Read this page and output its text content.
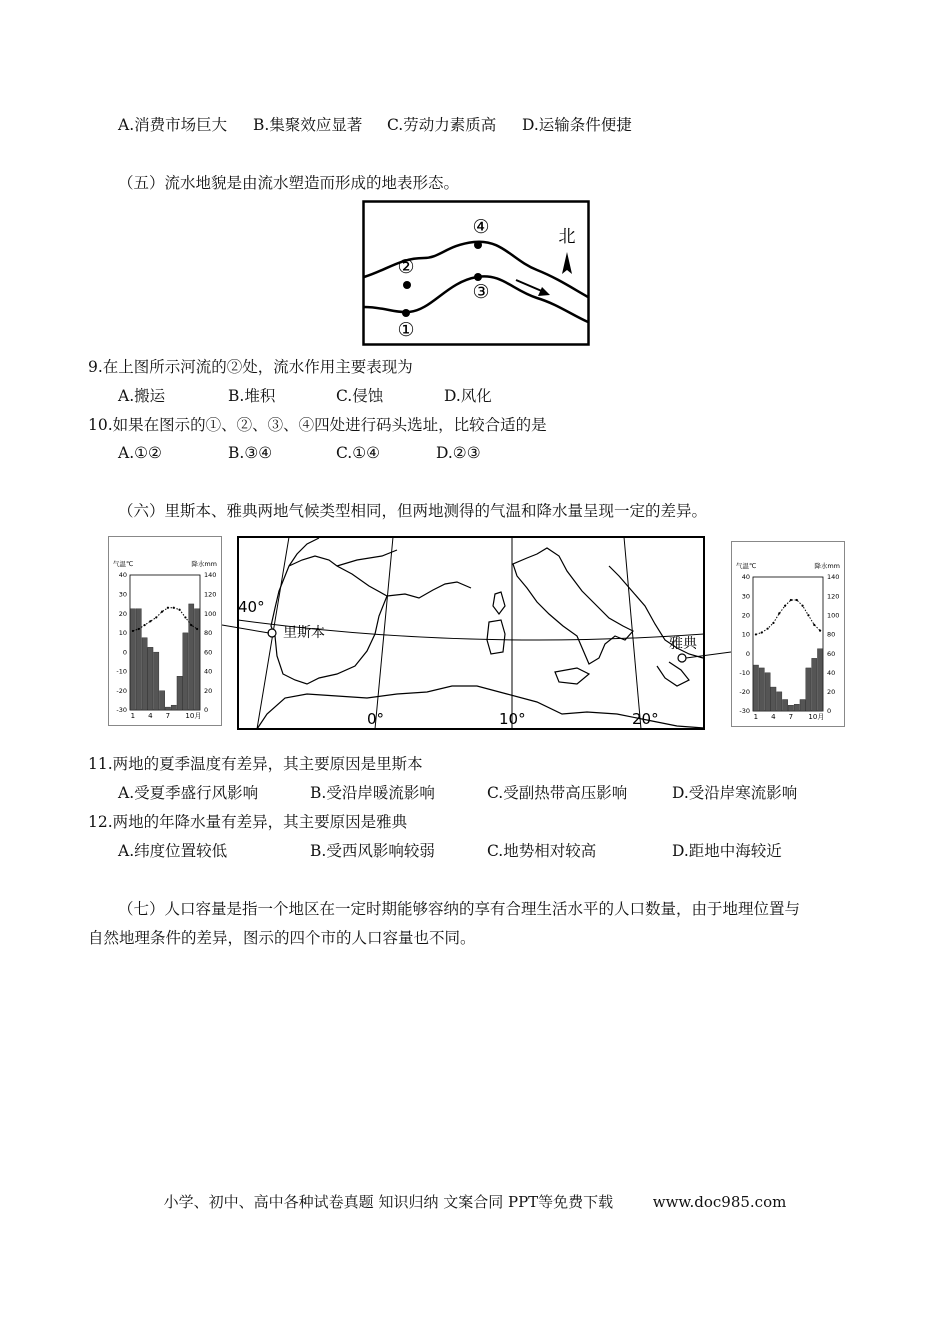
A.消费市场巨大 B.集聚效应显著 C.劳动力素质高 D.运输条件便捷
（五）流水地貌是由流水塑造而形成的地表形态。
①
②
③
④	北
9.在上图所示河流的②处，流水作用主要表现为
A.搬运	B.堆积	C.侵蚀	D.风化
10.如果在图示的①、②、③、④四处进行码头选址，比较合适的是
A.①②	B.③④	C.①④	D.②③
（六）里斯本、雅典两地气候类型相同，但两地测得的气温和降水量呈现一定的差异。
气温℃	降水mm
40
30
20
10
0
-10
-20
-30
140
120
100
80
60
40
20
0
1 4 7 10月
40°
0°	10°	20°
里斯本
雅典
气温℃	降水mm
40
30
20
10
0
-10
-20
-30
140
120
100
80
60
40
20
0
1 4 7 10月
11.两地的夏季温度有差异，其主要原因是里斯本
A.受夏季盛行风影响	B.受沿岸暖流影响	C.受副热带高压影响	D.受沿岸寒流影响
12.两地的年降水量有差异，其主要原因是雅典
A.纬度位置较低	B.受西风影响较弱	C.地势相对较高	D.距地中海较近
（七）人口容量是指一个地区在一定时期能够容纳的享有合理生活水平的人口数量，由于地理位置与
自然地理条件的差异，图示的四个市的人口容量也不同。
小学、初中、高中各种试卷真题 知识归纳 文案合同 PPT等免费下载	www.doc985.com
